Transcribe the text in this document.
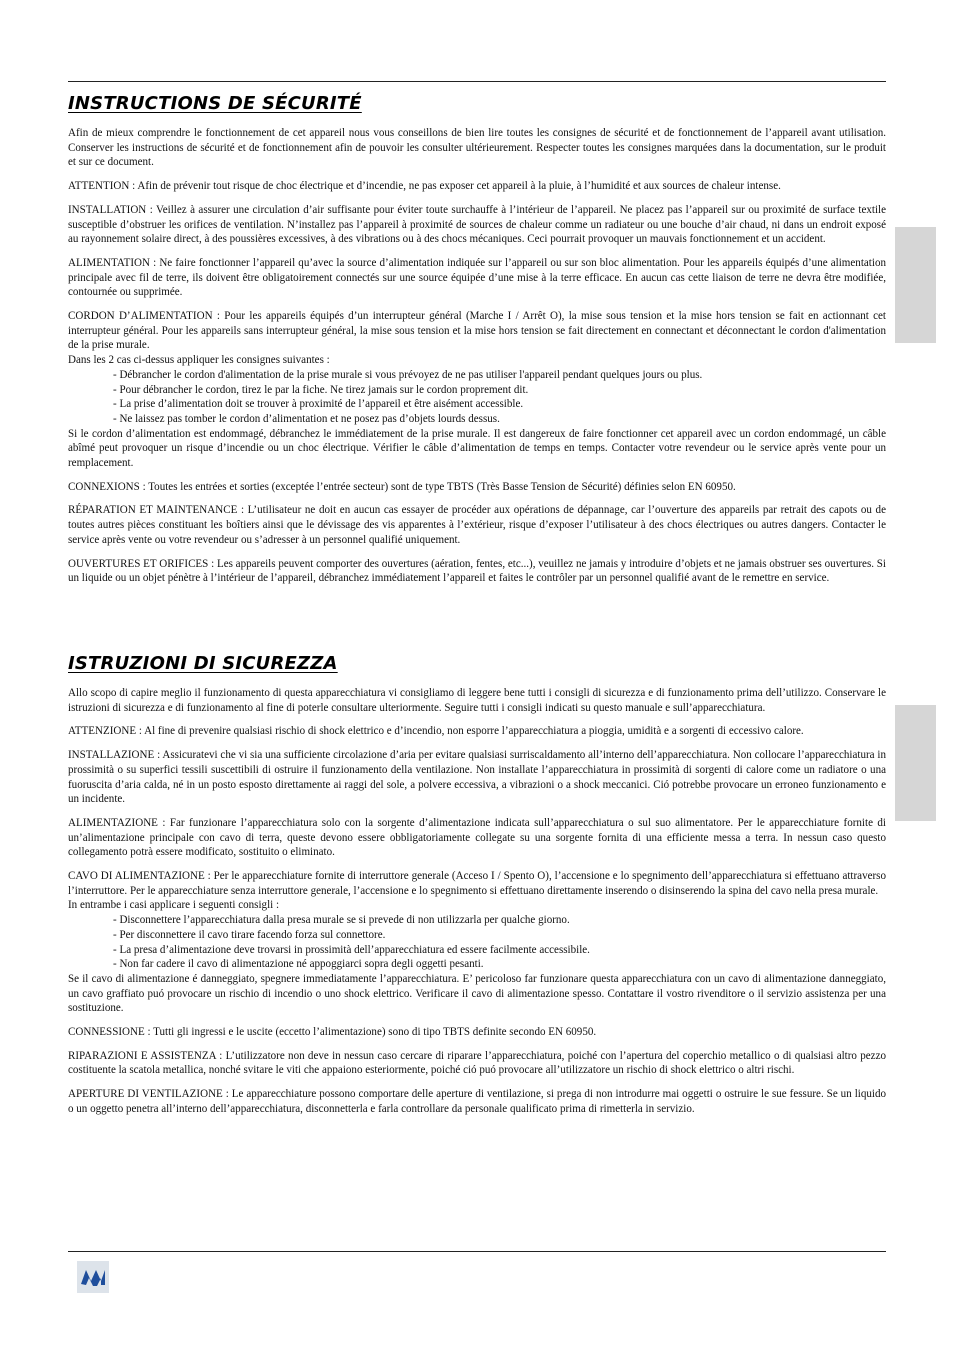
INSTRUCTIONS DE SÉCURITÉ

Afin de mieux comprendre le fonctionnement de cet appareil nous vous conseillons de bien lire toutes les consignes de sécurité et de fonctionnement de l’appareil avant utilisation. Conserver les instructions de sécurité et de fonctionnement afin de pouvoir les consulter ultérieurement. Respecter toutes les consignes marquées dans la documentation, sur le produit et sur ce document.

ATTENTION : Afin de prévenir tout risque de choc électrique et d’incendie, ne pas exposer cet appareil à la pluie, à l’humidité et aux sources de chaleur intense.

INSTALLATION : Veillez à assurer une circulation d’air suffisante pour éviter toute surchauffe à l’intérieur de l’appareil. Ne placez pas l’appareil sur ou proximité de surface textile susceptible d’obstruer les orifices de ventilation. N’installez pas l’appareil à proximité de sources de chaleur comme un radiateur ou une bouche d’air chaud, ni dans un endroit exposé au rayonnement solaire direct, à des poussières excessives, à des vibrations ou à des chocs mécaniques. Ceci pourrait provoquer un mauvais fonctionnement et un accident.

ALIMENTATION : Ne faire fonctionner l’appareil qu’avec la source d’alimentation indiquée sur l’appareil ou sur son bloc alimentation. Pour les appareils équipés d’une alimentation principale avec fil de terre, ils doivent être obligatoirement connectés sur une source équipée d’une mise à la terre efficace. En aucun cas cette liaison de terre ne devra être modifiée, contournée ou supprimée.

CORDON D’ALIMENTATION : Pour les appareils équipés d’un interrupteur général (Marche I / Arrêt O), la mise sous tension et la mise hors tension se fait en actionnant cet interrupteur général. Pour les appareils sans interrupteur général, la mise sous tension et la mise hors tension se fait directement en connectant et déconnectant le cordon d'alimentation de la prise murale.

Dans les 2 cas ci-dessus appliquer les consignes suivantes :

- Débrancher le cordon d'alimentation de la prise murale si vous prévoyez de ne pas utiliser l'appareil pendant quelques jours ou plus.
- Pour débrancher le cordon, tirez le par la fiche. Ne tirez jamais sur le cordon proprement dit.
- La prise d’alimentation doit se trouver à proximité de l’appareil et être aisément accessible.
- Ne laissez pas tomber le cordon d’alimentation et ne posez pas d’objets lourds dessus.

Si le cordon d’alimentation est endommagé, débranchez le immédiatement de la prise murale. Il est dangereux de faire fonctionner cet appareil avec un cordon endommagé, un câble abîmé peut provoquer un risque d’incendie ou un choc électrique. Vérifier le câble d’alimentation de temps en temps. Contacter votre revendeur ou le service après vente pour un remplacement.

CONNEXIONS : Toutes les entrées et sorties (exceptée l’entrée secteur) sont de type TBTS (Très Basse Tension de Sécurité) définies selon EN 60950.

RÉPARATION ET MAINTENANCE : L’utilisateur ne doit en aucun cas essayer de procéder aux opérations de dépannage, car l’ouverture des appareils par retrait des capots ou de toutes autres pièces constituant les boîtiers ainsi que le dévissage des vis apparentes à l’extérieur, risque d’exposer l’utilisateur à des chocs électriques ou autres dangers. Contacter le service après vente ou votre revendeur ou s’adresser à un personnel qualifié uniquement.

OUVERTURES ET ORIFICES : Les appareils peuvent comporter des ouvertures (aération, fentes, etc...), veuillez ne jamais y introduire d’objets et ne jamais obstruer ses ouvertures. Si un liquide ou un objet pénètre à l’intérieur de l’appareil, débranchez immédiatement l’appareil et faites le contrôler par un personnel qualifié avant de le remettre en service.

ISTRUZIONI DI SICUREZZA

Allo scopo di capire meglio il funzionamento di questa apparecchiatura vi consigliamo di leggere bene tutti i consigli di sicurezza e di funzionamento prima dell’utilizzo. Conservare le istruzioni di sicurezza e di funzionamento al fine di poterle consultare ulteriormente. Seguire tutti i consigli indicati su questo manuale e sull’apparecchiatura.

ATTENZIONE : Al fine di prevenire qualsiasi rischio di shock elettrico e d’incendio, non esporre l’apparecchiatura a pioggia, umidità e a sorgenti di eccessivo calore.

INSTALLAZIONE : Assicuratevi che vi sia una sufficiente circolazione d’aria per evitare qualsiasi surriscaldamento all’interno dell’apparecchiatura. Non collocare l’apparecchiatura in prossimità o su superfici tessili suscettibili di ostruire il funzionamento della ventilazione. Non installate l’apparecchiatura in prossimità di sorgenti di calore come un radiatore o una fuoruscita d’aria calda, né in un posto esposto direttamente ai raggi del sole, a polvere eccessiva, a vibrazioni o a shock meccanici. Ció potrebbe provocare un erroneo funzionamento e un incidente.

ALIMENTAZIONE : Far funzionare l’apparecchiatura solo con la sorgente d’alimentazione indicata sull’apparecchiatura o sul suo alimentatore. Per le apparecchiature fornite di un’alimentazione principale con cavo di terra, queste devono essere obbligatoriamente collegate su una sorgente fornita di una efficiente messa a terra. In nessun caso questo collegamento potrà essere modificato, sostituito o eliminato.

CAVO DI ALIMENTAZIONE : Per le apparecchiature fornite di interruttore generale (Acceso I / Spento O), l’accensione e lo spegnimento dell’apparecchiatura si effettuano attraverso l’interruttore. Per le apparecchiature senza interruttore generale, l’accensione e lo spegnimento si effettuano direttamente inserendo o disinserendo la spina del cavo nella presa murale.

In entrambe i casi applicare i seguenti consigli :

- Disconnettere l’apparecchiatura dalla presa murale se si prevede di non utilizzarla per qualche giorno.
- Per disconnettere il cavo tirare facendo forza sul connettore.
- La presa d’alimentazione deve trovarsi in prossimità dell’apparecchiatura ed essere facilmente accessibile.
- Non far cadere il cavo di alimentazione né appoggiarci sopra degli oggetti pesanti.

Se il cavo di alimentazione é danneggiato, spegnere immediatamente l’apparecchiatura. E’ pericoloso far funzionare questa apparecchiatura con un cavo di alimentazione danneggiato, un cavo graffiato puó provocare un rischio di incendio o uno shock elettrico. Verificare il cavo di alimentazione spesso. Contattare il vostro rivenditore o il servizio assistenza per una sostituzione.

CONNESSIONE : Tutti gli ingressi e le uscite (eccetto l’alimentazione) sono di tipo TBTS definite secondo EN 60950.

RIPARAZIONI E ASSISTENZA : L’utilizzatore non deve in nessun caso cercare di riparare l’apparecchiatura, poiché con l’apertura del coperchio metallico o di qualsiasi altro pezzo costituente la scatola metallica, nonché svitare le viti che appaiono esteriormente, poiché ció puó provocare all’utilizzatore un rischio di shock elettrico o altri rischi.

APERTURE DI VENTILAZIONE : Le apparecchiature possono comportare delle aperture di ventilazione, si prega di non introdurre mai oggetti o ostruire le sue fessure. Se un liquido o un oggetto penetra all’interno dell’apparecchiatura, disconnetterla e farla controllare da personale qualificato prima di rimetterla in servizio.
